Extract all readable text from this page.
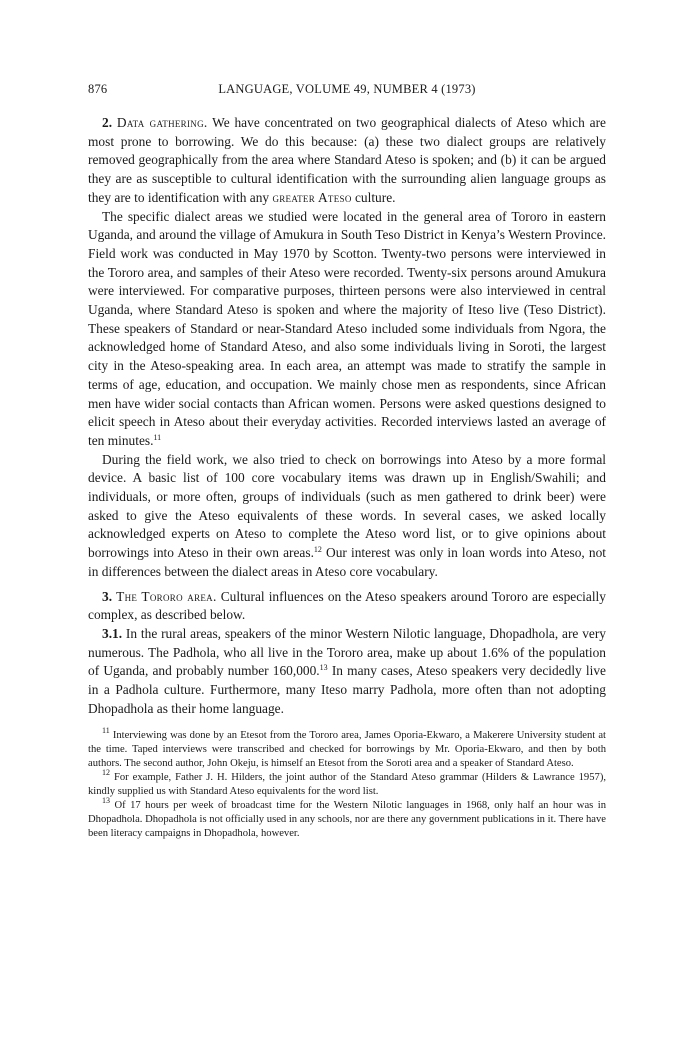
876	LANGUAGE, VOLUME 49, NUMBER 4 (1973)

2. Data gathering. We have concentrated on two geographical dialects of Ateso which are most prone to borrowing. We do this because: (a) these two dialect groups are relatively removed geographically from the area where Standard Ateso is spoken; and (b) it can be argued they are as susceptible to cultural identification with the surrounding alien language groups as they are to identification with any greater Ateso culture.

The specific dialect areas we studied were located in the general area of Tororo in eastern Uganda, and around the village of Amukura in South Teso District in Kenya’s Western Province. Field work was conducted in May 1970 by Scotton. Twenty-two persons were interviewed in the Tororo area, and samples of their Ateso were recorded. Twenty-six persons around Amukura were interviewed. For comparative purposes, thirteen persons were also interviewed in central Uganda, where Standard Ateso is spoken and where the majority of Iteso live (Teso District). These speakers of Standard or near-Standard Ateso included some individuals from Ngora, the acknowledged home of Standard Ateso, and also some individuals living in Soroti, the largest city in the Ateso-speaking area. In each area, an attempt was made to stratify the sample in terms of age, education, and occupation. We mainly chose men as respondents, since African men have wider social contacts than African women. Persons were asked questions designed to elicit speech in Ateso about their everyday activities. Recorded interviews lasted an average of ten minutes.$^{11}$

During the field work, we also tried to check on borrowings into Ateso by a more formal device. A basic list of 100 core vocabulary items was drawn up in English/Swahili; and individuals, or more often, groups of individuals (such as men gathered to drink beer) were asked to give the Ateso equivalents of these words. In several cases, we asked locally acknowledged experts on Ateso to complete the Ateso word list, or to give opinions about borrowings into Ateso in their own areas.$^{12}$ Our interest was only in loan words into Ateso, not in differences between the dialect areas in Ateso core vocabulary.

3. The Tororo area. Cultural influences on the Ateso speakers around Tororo are especially complex, as described below.

3.1. In the rural areas, speakers of the minor Western Nilotic language, Dhopadhola, are very numerous. The Padhola, who all live in the Tororo area, make up about 1.6% of the population of Uganda, and probably number 160,000.13 In many cases, Ateso speakers very decidedly live in a Padhola culture. Furthermore, many Iteso marry Padhola, more often than not adopting Dhopadhola as their home language.

$^{11}$ Interviewing was done by an Etesot from the Tororo area, James Oporia-Ekwaro, a Makerere University student at the time. Taped interviews were transcribed and checked for borrowings by Mr. Oporia-Ekwaro, and then by both authors. The second author, John Okeju, is himself an Etesot from the Soroti area and a speaker of Standard Ateso.

$^{12}$ For example, Father J. H. Hilders, the joint author of the Standard Ateso grammar (Hilders & Lawrance 1957), kindly supplied us with Standard Ateso equivalents for the word list.

$^{13}$ Of 17 hours per week of broadcast time for the Western Nilotic languages in 1968, only half an hour was in Dhopadhola. Dhopadhola is not officially used in any schools, nor are there any government publications in it. There have been literacy campaigns in Dhopadhola, however.
